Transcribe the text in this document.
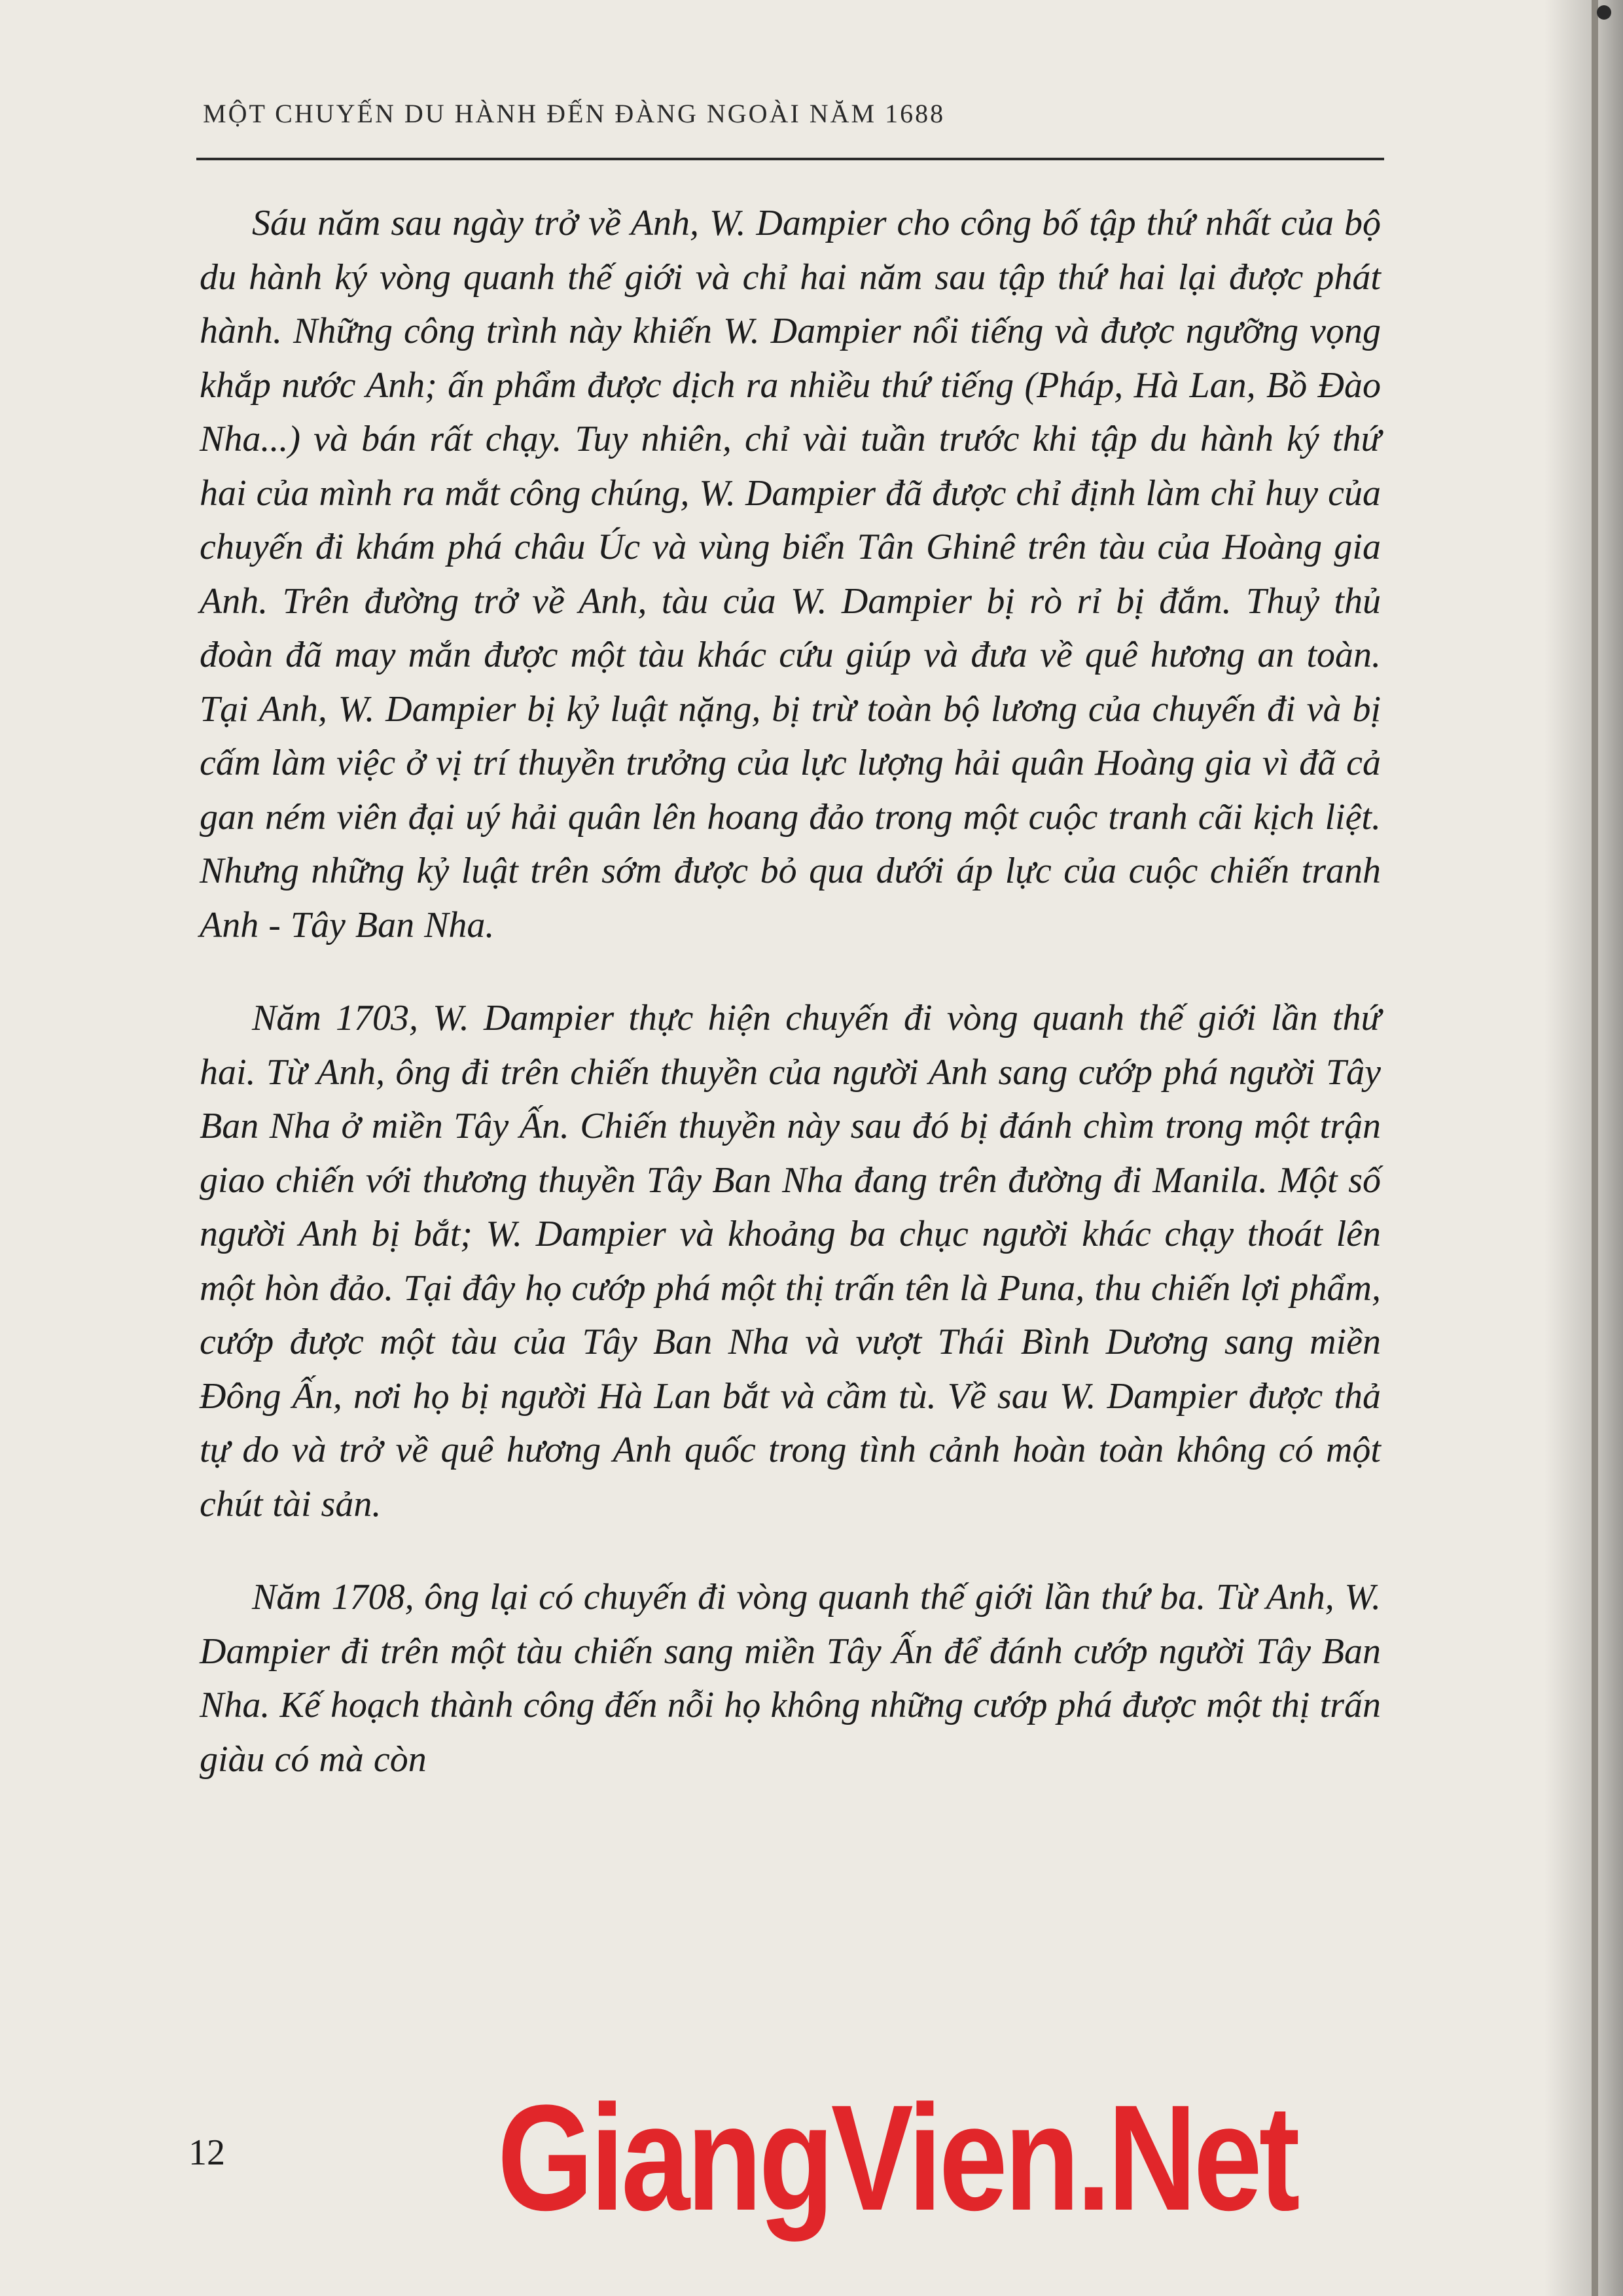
MỘT CHUYẾN DU HÀNH ĐẾN ĐÀNG NGOÀI NĂM 1688

Sáu năm sau ngày trở về Anh, W. Dampier cho công bố tập thứ nhất của bộ du hành ký vòng quanh thế giới và chỉ hai năm sau tập thứ hai lại được phát hành. Những công trình này khiến W. Dampier nổi tiếng và được ngưỡng vọng khắp nước Anh; ấn phẩm được dịch ra nhiều thứ tiếng (Pháp, Hà Lan, Bồ Đào Nha...) và bán rất chạy. Tuy nhiên, chỉ vài tuần trước khi tập du hành ký thứ hai của mình ra mắt công chúng, W. Dampier đã được chỉ định làm chỉ huy của chuyến đi khám phá châu Úc và vùng biển Tân Ghinê trên tàu của Hoàng gia Anh. Trên đường trở về Anh, tàu của W. Dampier bị rò rỉ bị đắm. Thuỷ thủ đoàn đã may mắn được một tàu khác cứu giúp và đưa về quê hương an toàn. Tại Anh, W. Dampier bị kỷ luật nặng, bị trừ toàn bộ lương của chuyến đi và bị cấm làm việc ở vị trí thuyền trưởng của lực lượng hải quân Hoàng gia vì đã cả gan ném viên đại uý hải quân lên hoang đảo trong một cuộc tranh cãi kịch liệt. Nhưng những kỷ luật trên sớm được bỏ qua dưới áp lực của cuộc chiến tranh Anh - Tây Ban Nha.

Năm 1703, W. Dampier thực hiện chuyến đi vòng quanh thế giới lần thứ hai. Từ Anh, ông đi trên chiến thuyền của người Anh sang cướp phá người Tây Ban Nha ở miền Tây Ấn. Chiến thuyền này sau đó bị đánh chìm trong một trận giao chiến với thương thuyền Tây Ban Nha đang trên đường đi Manila. Một số người Anh bị bắt; W. Dampier và khoảng ba chục người khác chạy thoát lên một hòn đảo. Tại đây họ cướp phá một thị trấn tên là Puna, thu chiến lợi phẩm, cướp được một tàu của Tây Ban Nha và vượt Thái Bình Dương sang miền Đông Ấn, nơi họ bị người Hà Lan bắt và cầm tù. Về sau W. Dampier được thả tự do và trở về quê hương Anh quốc trong tình cảnh hoàn toàn không có một chút tài sản.

Năm 1708, ông lại có chuyến đi vòng quanh thế giới lần thứ ba. Từ Anh, W. Dampier đi trên một tàu chiến sang miền Tây Ấn để đánh cướp người Tây Ban Nha. Kế hoạch thành công đến nỗi họ không những cướp phá được một thị trấn giàu có mà còn

12 GiangVien.Net
